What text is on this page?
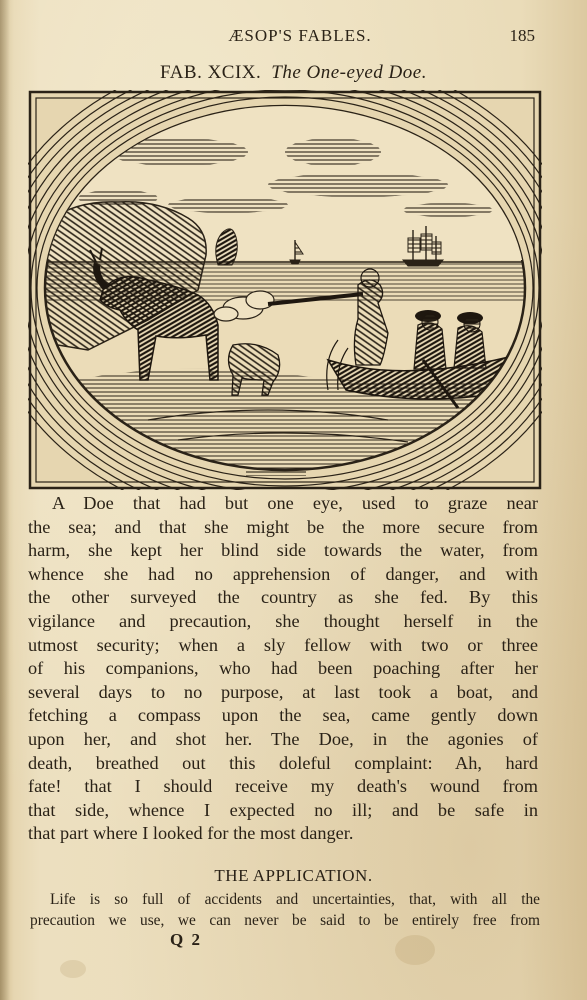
ÆSOP'S FABLES.	185
FAB. XCIX. The One-eyed Doe.
A Doe that had but one eye, used to graze near
the sea; and that she might be the more secure from
harm, she kept her blind side towards the water, from
whence she had no apprehension of danger, and with
the other surveyed the country as she fed. By this
vigilance and precaution, she thought herself in the
utmost security; when a sly fellow with two or three
of his companions, who had been poaching after her
several days to no purpose, at last took a boat, and
fetching a compass upon the sea, came gently down
upon her, and shot her. The Doe, in the agonies of
death, breathed out this doleful complaint: Ah, hard
fate! that I should receive my death's wound from
that side, whence I expected no ill; and be safe in
that part where I looked for the most danger.
THE APPLICATION.
Life is so full of accidents and uncertainties, that, with all the
precaution we use, we can never be said to be entirely free from
Q 2
